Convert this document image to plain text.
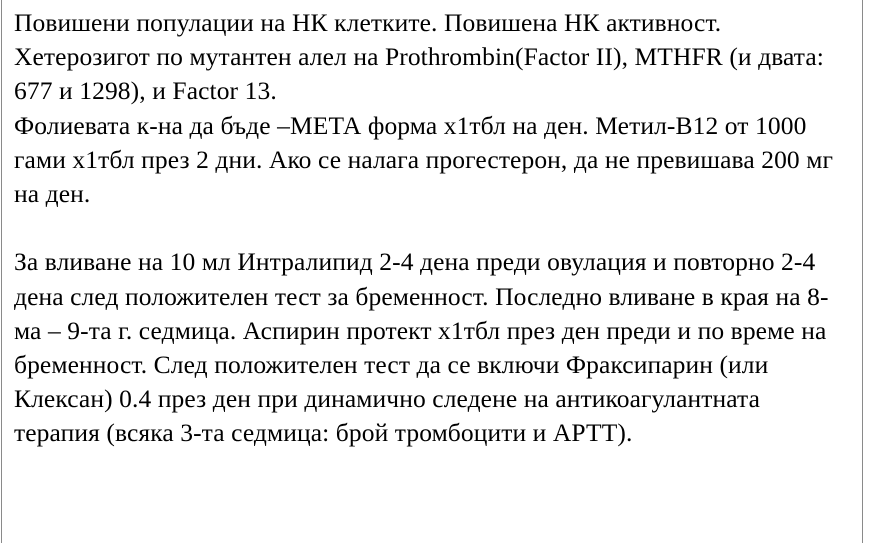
Повишени популации на НК клетките. Повишена НК активност. Хетерозигот по мутантен алел на Prothrombin(Factor II), MTHFR (и двата: 677 и 1298), и Factor 13.

Фолиевата к-на да бъде –МЕТА форма х1тбл на ден. Метил-В12 от 1000 гами х1тбл през 2 дни. Ако се налага прогестерон, да не превишава 200 мг на ден.

За вливане на 10 мл Интралипид 2-4 дена преди овулация и повторно 2-4 дена след положителен тест за бременност. Последно вливане в края на 8-ма – 9-та г. седмица. Аспирин протект х1тбл през ден преди и по време на бременност. След положителен тест да се включи Фраксипарин (или Клексан) 0.4 през ден при динамично следене на антикоагулантната терапия (всяка 3-та седмица: брой тромбоцити и АРТТ).
